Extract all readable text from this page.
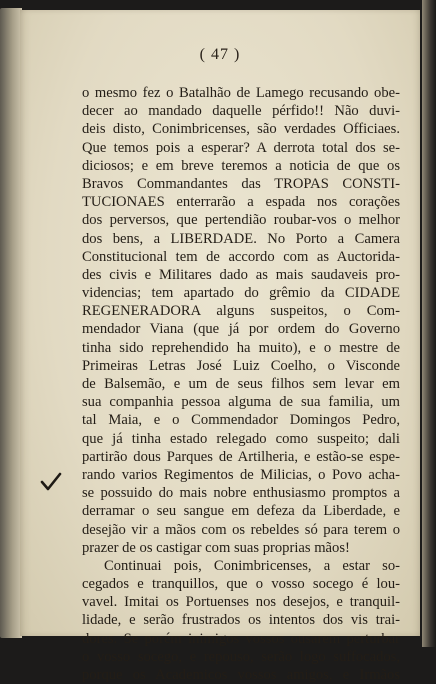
( 47 )
o mesmo fez o Batalhão de Lamego recusando obe-
decer ao mandado daquelle pérfido!! Não duvi-
deis disto, Conimbricenses, são verdades Officiaes.
Que temos pois a esperar? A derrota total dos se-
diciosos; e em breve teremos a noticia de que os
Bravos Commandantes das TROPAS CONSTI-
TUCIONAES enterrarão a espada nos corações
dos perversos, que pertendião roubar-vos o melhor
dos bens, a LIBERDADE. No Porto a Camera
Constitucional tem de accordo com as Auctorida-
des civis e Militares dado as mais saudaveis pro-
videncias; tem apartado do grêmio da CIDADE
REGENERADORA alguns suspeitos, o Com-
mendador Viana (que já por ordem do Governo
tinha sido reprehendido ha muito), e o mestre de
Primeiras Letras José Luiz Coelho, o Visconde
de Balsemão, e um de seus filhos sem levar em
sua companhia pessoa alguma de sua familia, um
tal Maia, e o Commendador Domingos Pedro,
que já tinha estado relegado como suspeito; dali
partirão dous Parques de Artilheria, e estão-se espe-
rando varios Regimentos de Milicias, o Povo acha-
se possuido do mais nobre enthusiasmo promptos a
derramar o seu sangue em defeza da Liberdade, e
desejão vir a mãos com os rebeldes só para terem o
prazer de os castigar com suas proprias mãos!
Continuai pois, Conimbricenses, a estar so-
cegados e tranquillos, que o vosso socego é lou-
vavel. Imitai os Portuenses nos desejos, e tranquil-
lidade, e serão frustrados os intentos dos vis trai-
dores. Se porém inimigos vossos ousarem perturbar
o vosso socego, e repouso, serão logo suffocados,
porque os Academicos vossos amigos, e Irmãos
